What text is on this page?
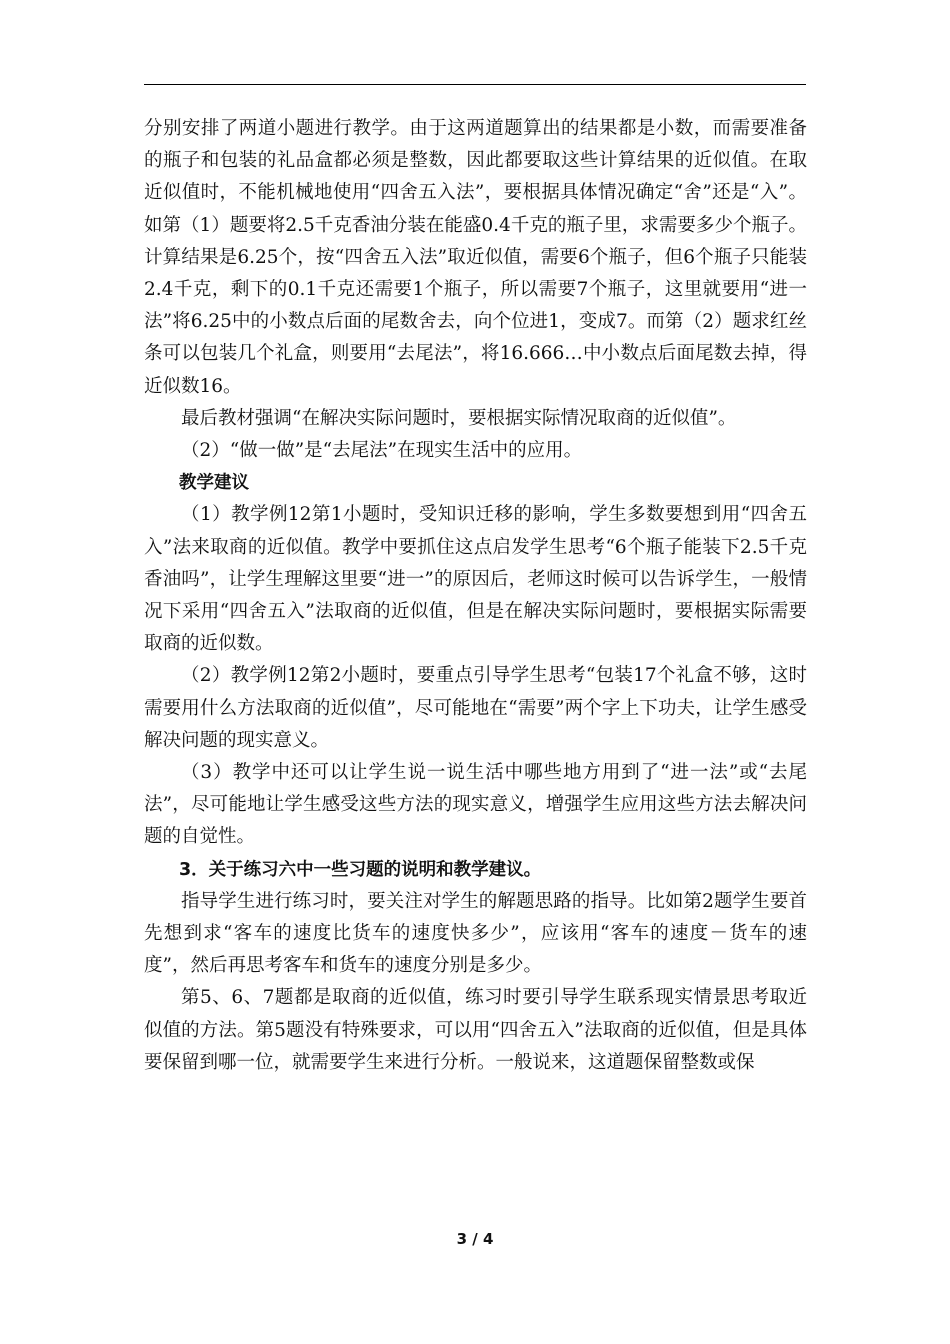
分别安排了两道小题进行教学。由于这两道题算出的结果都是小数，而需要准备的瓶子和包装的礼品盒都必须是整数，因此都要取这些计算结果的近似值。在取近似值时，不能机械地使用“四舍五入法”，要根据具体情况确定“舍”还是“入”。如第（1）题要将2.5千克香油分装在能盛0.4千克的瓶子里，求需要多少个瓶子。计算结果是6.25个，按“四舍五入法”取近似值，需要6个瓶子，但6个瓶子只能装2.4千克，剩下的0.1千克还需要1个瓶子，所以需要7个瓶子，这里就要用“进一法”将6.25中的小数点后面的尾数舍去，向个位进1，变成7。而第（2）题求红丝条可以包装几个礼盒，则要用“去尾法”，将16.666…中小数点后面尾数去掉，得近似数16。

最后教材强调“在解决实际问题时，要根据实际情况取商的近似值”。

（2）“做一做”是“去尾法”在现实生活中的应用。

教学建议

（1）教学例12第1小题时，受知识迁移的影响，学生多数要想到用“四舍五入”法来取商的近似值。教学中要抓住这点启发学生思考“6个瓶子能装下2.5千克香油吗”，让学生理解这里要“进一”的原因后，老师这时候可以告诉学生，一般情况下采用“四舍五入”法取商的近似值，但是在解决实际问题时，要根据实际需要取商的近似数。

（2）教学例12第2小题时，要重点引导学生思考“包装17个礼盒不够，这时需要用什么方法取商的近似值”，尽可能地在“需要”两个字上下功夫，让学生感受解决问题的现实意义。

（3）教学中还可以让学生说一说生活中哪些地方用到了“进一法”或“去尾法”，尽可能地让学生感受这些方法的现实意义，增强学生应用这些方法去解决问题的自觉性。

3．关于练习六中一些习题的说明和教学建议。

指导学生进行练习时，要关注对学生的解题思路的指导。比如第2题学生要首先想到求“客车的速度比货车的速度快多少”，应该用“客车的速度－货车的速度”，然后再思考客车和货车的速度分别是多少。

第5、6、7题都是取商的近似值，练习时要引导学生联系现实情景思考取近似值的方法。第5题没有特殊要求，可以用“四舍五入”法取商的近似值，但是具体要保留到哪一位，就需要学生来进行分析。一般说来，这道题保留整数或保

3 / 4
